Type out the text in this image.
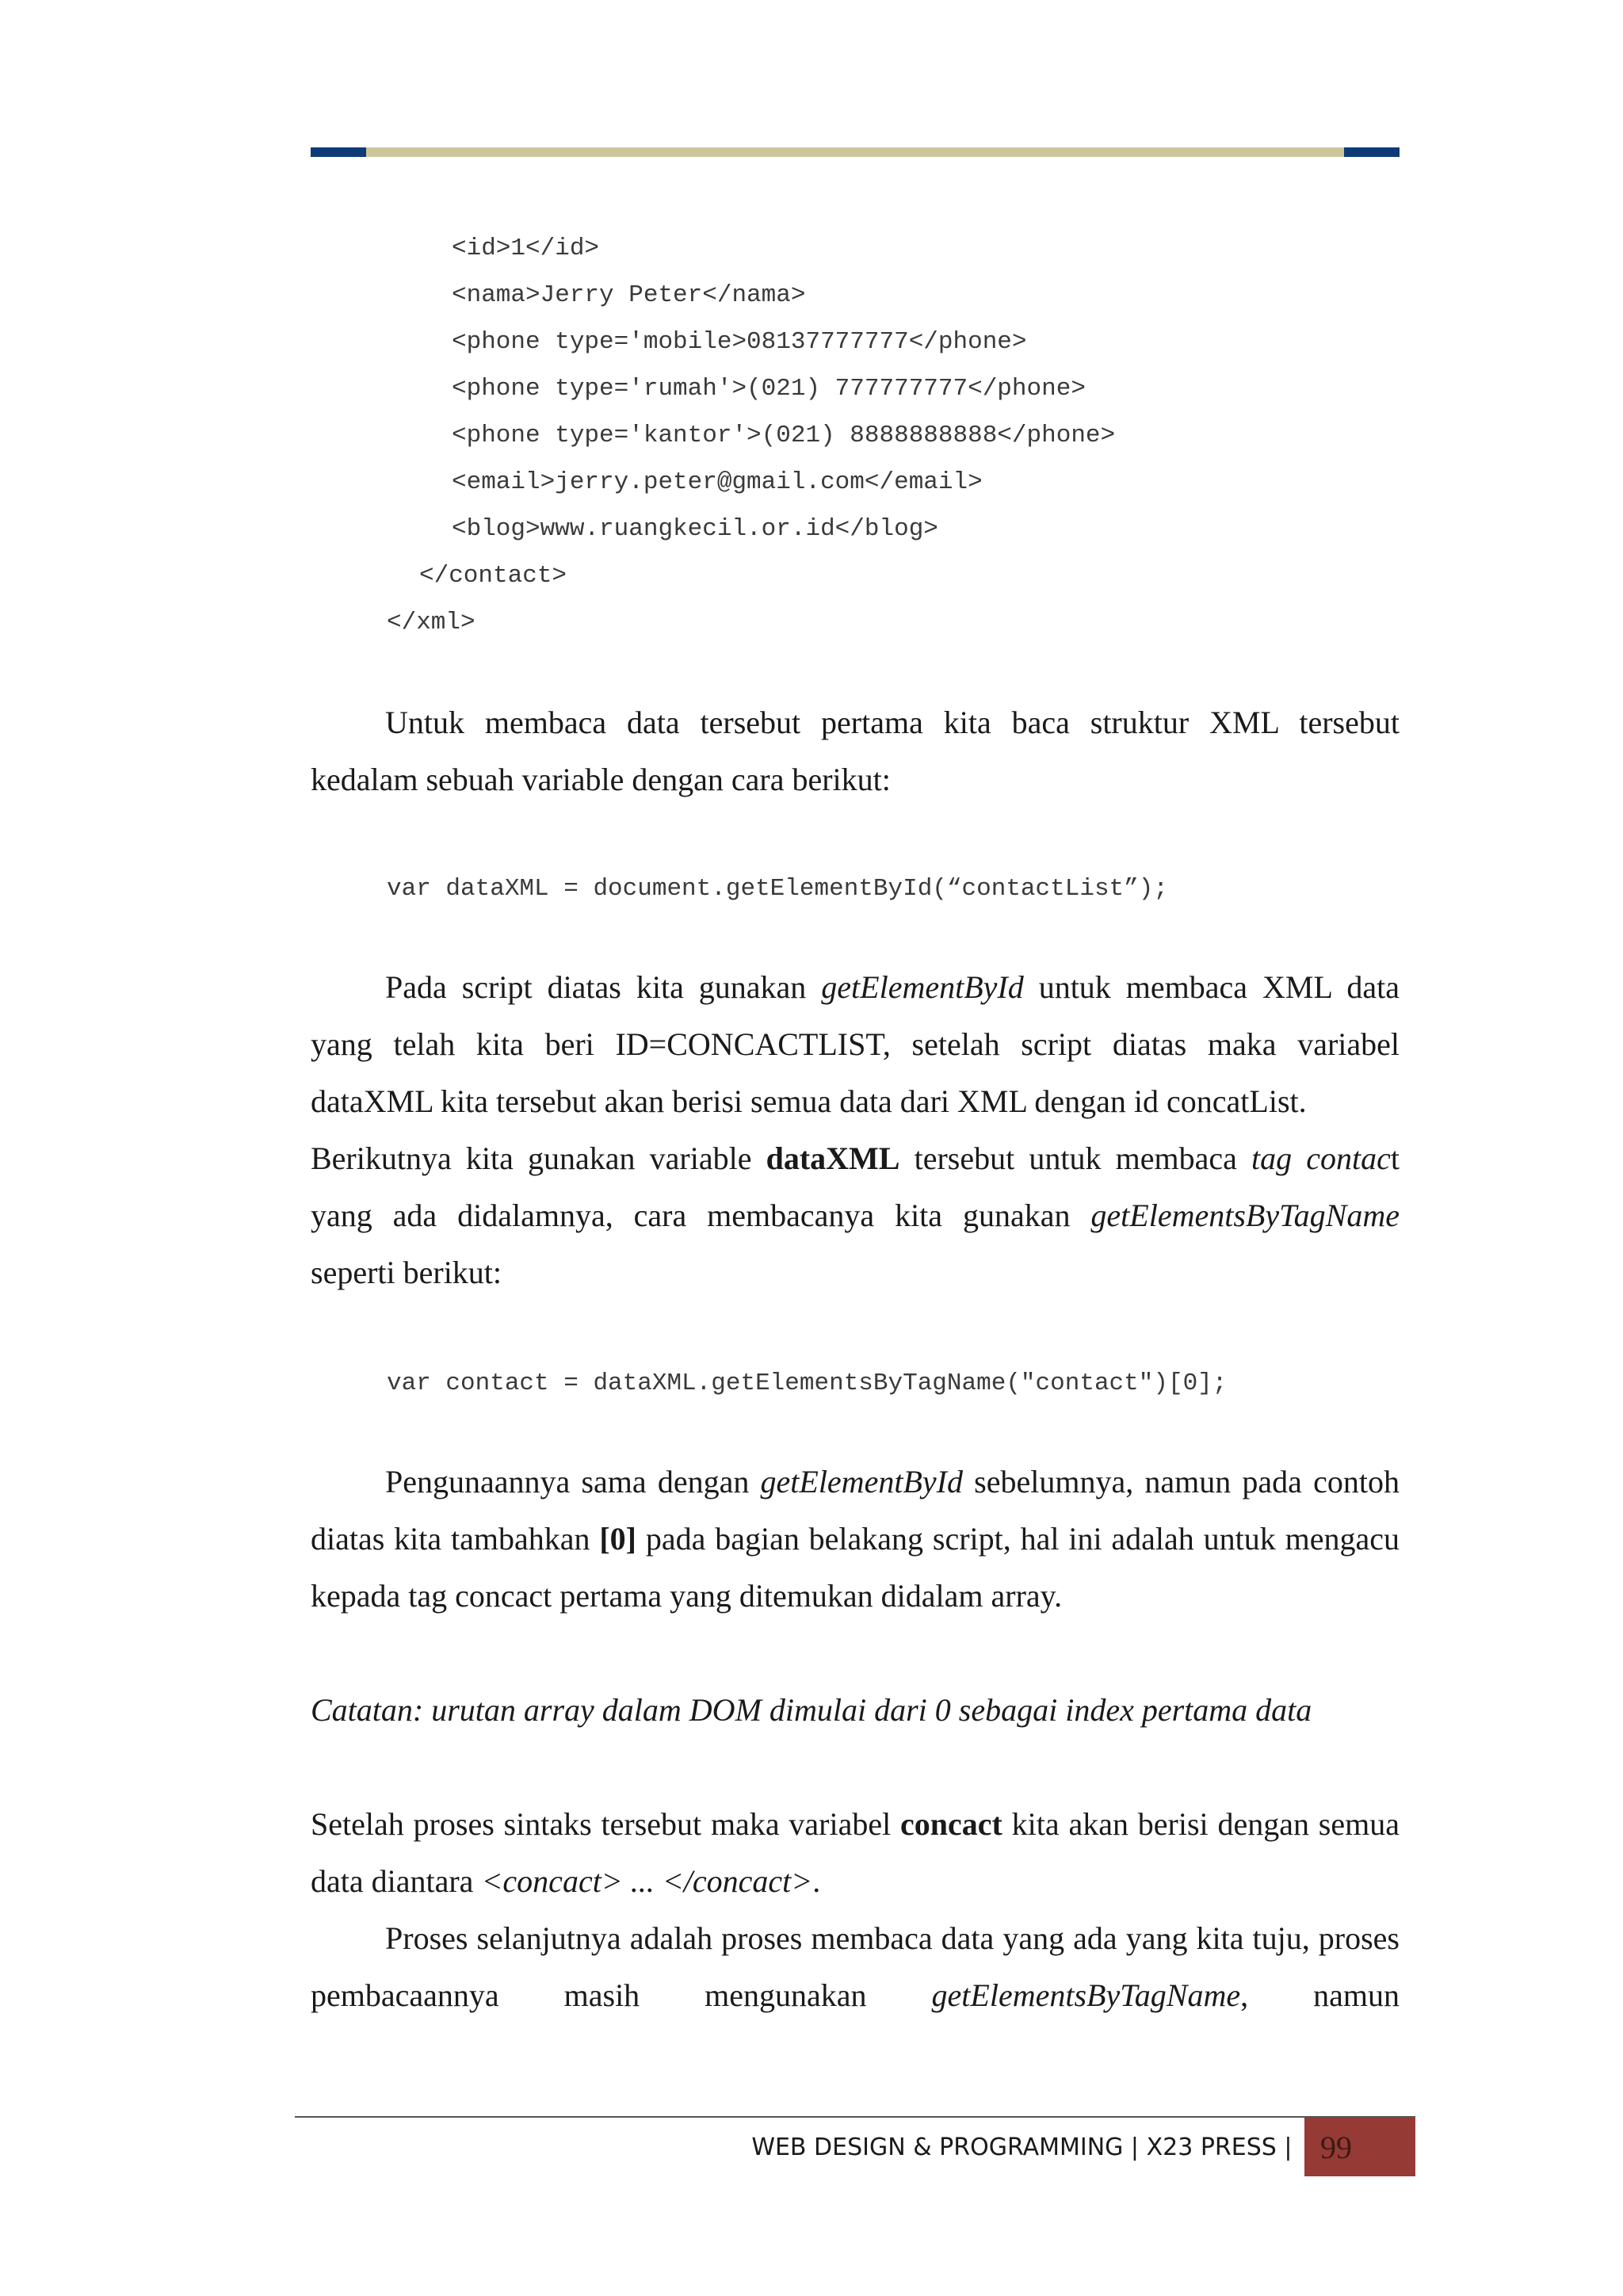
<id>1</id>
<nama>Jerry Peter</nama>
<phone type='mobile>08137777777</phone>
<phone type='rumah'>(021) 777777777</phone>
<phone type='kantor'>(021) 8888888888</phone>
<email>jerry.peter@gmail.com</email>
<blog>www.ruangkecil.or.id</blog>
</contact>
</xml>
Untuk membaca data tersebut pertama kita baca struktur XML tersebut kedalam sebuah variable dengan cara berikut:
var dataXML = document.getElementById(“contactList”);
Pada script diatas kita gunakan getElementById untuk membaca XML data yang telah kita beri ID=CONCACTLIST, setelah script diatas maka variabel dataXML kita tersebut akan berisi semua data dari XML dengan id concatList.
Berikutnya kita gunakan variable dataXML tersebut untuk membaca tag contact yang ada didalamnya, cara membacanya kita gunakan getElementsByTagName seperti berikut:
var contact = dataXML.getElementsByTagName("contact")[0];
Pengunaannya sama dengan getElementById sebelumnya, namun pada contoh diatas kita tambahkan [0] pada bagian belakang script, hal ini adalah untuk mengacu kepada tag concact pertama yang ditemukan didalam array.
Catatan: urutan array dalam DOM dimulai dari 0 sebagai index pertama data
Setelah proses sintaks tersebut maka variabel concact kita akan berisi dengan semua data diantara <concact> ... </concact>.
Proses selanjutnya adalah proses membaca data yang ada yang kita tuju, proses pembacaannya masih mengunakan getElementsByTagName, namun
WEB DESIGN & PROGRAMMING | X23 PRESS | 99
